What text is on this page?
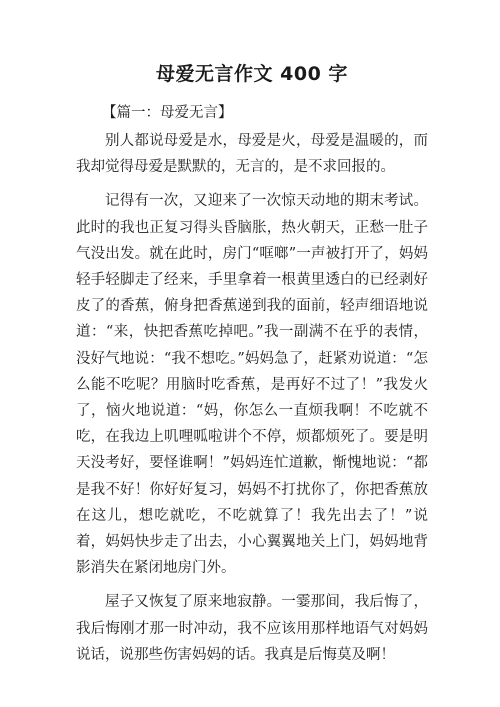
母爱无言作文 400 字
【篇一：母爱无言】

别人都说母爱是水，母爱是火，母爱是温暖的，而我却觉得母爱是默默的，无言的，是不求回报的。

记得有一次，又迎来了一次惊天动地的期末考试。此时的我也正复习得头昏脑胀，热火朝天，正愁一肚子气没出发。就在此时，房门“哐啷”一声被打开了，妈妈轻手轻脚走了经来，手里拿着一根黄里透白的已经剥好皮了的香蕉，俯身把香蕉递到我的面前，轻声细语地说道：“来，快把香蕉吃掉吧。”我一副满不在乎的表情，没好气地说：“我不想吃。”妈妈急了，赶紧劝说道：“怎么能不吃呢？用脑时吃香蕉，是再好不过了！”我发火了，恼火地说道：“妈，你怎么一直烦我啊！不吃就不吃，在我边上叽哩呱啦讲个不停，烦都烦死了。要是明天没考好，要怪谁啊！”妈妈连忙道歉，惭愧地说：“都是我不好！你好好复习，妈妈不打扰你了，你把香蕉放在这儿，想吃就吃，不吃就算了！我先出去了！”说着，妈妈快步走了出去，小心翼翼地关上门，妈妈地背影消失在紧闭地房门外。

屋子又恢复了原来地寂静。一霎那间，我后悔了，我后悔刚才那一时冲动，我不应该用那样地语气对妈妈说话，说那些伤害妈妈的话。我真是后悔莫及啊！
